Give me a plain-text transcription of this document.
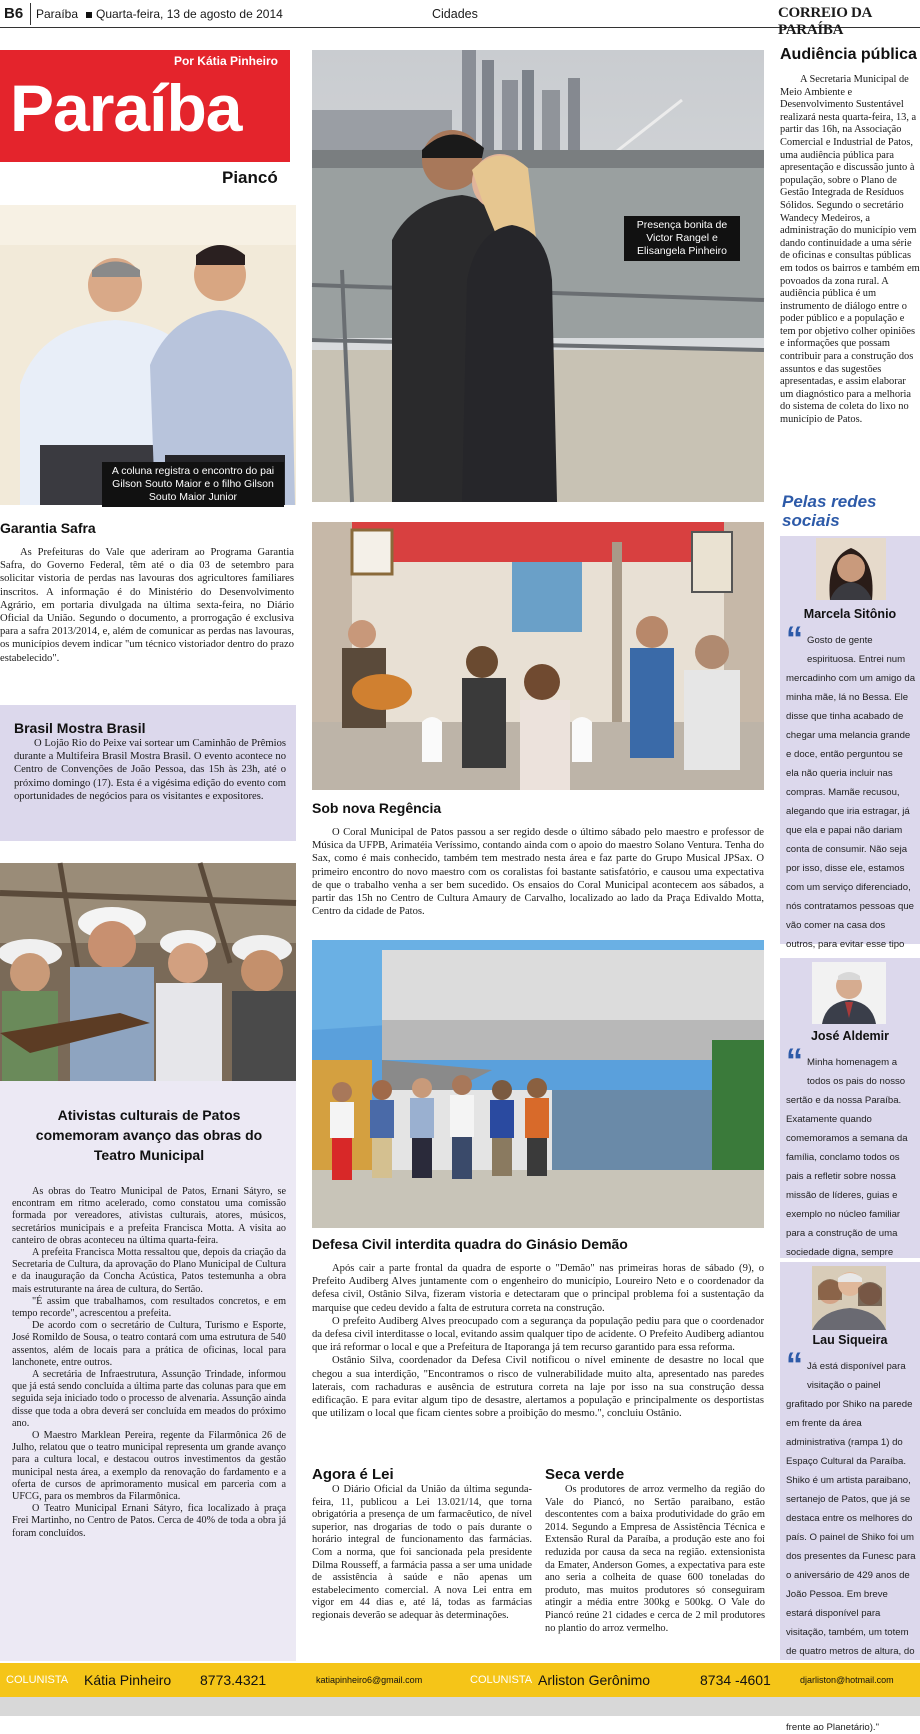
B6 Paraíba Quarta-feira, 13 de agosto de 2014	Cidades	CORREIO DA PARAÍBA
Por Kátia Pinheiro
Paraíba
Piancó
A coluna registra o encontro do pai Gilson Souto Maior e o filho Gilson Souto Maior Junior
Garantia Safra

As Prefeituras do Vale que aderiram ao Programa Garantia Safra, do Governo Federal, têm até o dia 03 de setembro para solicitar vistoria de perdas nas lavouras dos agricultores familiares inscritos. A informação é do Ministério do Desenvolvimento Agrário, em portaria divulgada na última sexta-feira, no Diário Oficial da União. Segundo o documento, a prorrogação é exclusiva para a safra 2013/2014, e, além de comunicar as perdas nas lavouras, os municípios devem indicar "um técnico vistoriador dentro do prazo estabelecido".

Brasil Mostra Brasil

O Lojão Rio do Peixe vai sortear um Caminhão de Prêmios durante a Multifeira Brasil Mostra Brasil. O evento acontece no Centro de Convenções de João Pessoa, das 15h às 23h, até o próximo domingo (17). Esta é a vigésima edição do evento com oportunidades de negócios para os visitantes e expositores.

Ativistas culturais de Patos comemoram avanço das obras do Teatro Municipal

As obras do Teatro Municipal de Patos, Ernani Sátyro, se encontram em ritmo acelerado, como constatou uma comissão formada por vereadores, ativistas culturais, atores, músicos, secretários municipais e a prefeita Francisca Motta. A visita ao canteiro de obras aconteceu na última quarta-feira.

A prefeita Francisca Motta ressaltou que, depois da criação da Secretaria de Cultura, da aprovação do Plano Municipal de Cultura e da inauguração da Concha Acústica, Patos testemunha a obra mais estruturante na área de cultura, do Sertão.

"É assim que trabalhamos, com resultados concretos, e em tempo recorde", acrescentou a prefeita.

De acordo com o secretário de Cultura, Turismo e Esporte, José Romildo de Sousa, o teatro contará com uma estrutura de 540 assentos, além de locais para a prática de oficinas, local para lanchonete, entre outros.

A secretária de Infraestrutura, Assunção Trindade, informou que já está sendo concluída a última parte das colunas para que em seguida seja iniciado todo o processo de alvenaria. Assunção ainda disse que toda a obra deverá ser concluída em meados do próximo ano.

O Maestro Marklean Pereira, regente da Filarmônica 26 de Julho, relatou que o teatro municipal representa um grande avanço para a cultura local, e destacou outros investimentos da gestão municipal nesta área, a exemplo da renovação do fardamento e a oferta de cursos de aprimoramento musical em parceria com a UFCG, para os membros da Filarmônica.

O Teatro Municipal Ernani Sátyro, fica localizado à praça Frei Martinho, no Centro de Patos. Cerca de 40% de toda a obra já foram concluídos.

Presença bonita de Victor Rangel e Elisangela Pinheiro
Sob nova Regência

O Coral Municipal de Patos passou a ser regido desde o último sábado pelo maestro e professor de Música da UFPB, Arimatéia Veríssimo, contando ainda com o apoio do maestro Solano Ventura. Tenha do Sax, como é mais conhecido, também tem mestrado nesta área e faz parte do Grupo Musical JPSax. O primeiro encontro do novo maestro com os coralistas foi bastante satisfatório, e causou uma expectativa de que o trabalho venha a ser bem sucedido. Os ensaios do Coral Municipal acontecem aos sábados, a partir das 15h no Centro de Cultura Amaury de Carvalho, localizado ao lado da Praça Edivaldo Motta, Centro da cidade de Patos.

Defesa Civil interdita quadra do Ginásio Demão

Após cair a parte frontal da quadra de esporte o "Demão" nas primeiras horas de sábado (9), o Prefeito Audiberg Alves juntamente com o engenheiro do município, Loureiro Neto e o coordenador da defesa civil, Ostânio Silva, fizeram vistoria e detectaram que o principal problema foi a sustentação da marquise que cedeu devido a falta de estrutura correta na construção.

O prefeito Audiberg Alves preocupado com a segurança da população pediu para que o coordenador da defesa civil interditasse o local, evitando assim qualquer tipo de acidente. O Prefeito Audiberg adiantou que irá reformar o local e que a Prefeitura de Itaporanga já tem recurso garantido para essa reforma.

Ostânio Silva, coordenador da Defesa Civil notificou o nível eminente de desastre no local que chegou a sua interdição, "Encontramos o risco de vulnerabilidade muito alta, apresentado nas paredes laterais, com rachaduras e ausência de estrutura correta na laje por isso na sua construção dessa edificação. E para evitar algum tipo de desastre, alertamos a população e principalmente os desportistas que utilizam o local que ficam cientes sobre a proibição do mesmo.", concluiu Ostânio.

Agora é Lei

O Diário Oficial da União da última segunda-feira, 11, publicou a Lei 13.021/14, que torna obrigatória a presença de um farmacêutico, de nível superior, nas drogarias de todo o país durante o horário integral de funcionamento das farmácias. Com a norma, que foi sancionada pela presidente Dilma Rousseff, a farmácia passa a ser uma unidade de assistência à saúde e não apenas um estabelecimento comercial. A nova Lei entra em vigor em 44 dias e, até lá, todas as farmácias regionais deverão se adequar às determinações.

Seca verde

Os produtores de arroz vermelho da região do Vale do Piancó, no Sertão paraibano, estão descontentes com a baixa produtividade do grão em 2014. Segundo a Empresa de Assistência Técnica e Extensão Rural da Paraíba, a produção este ano foi reduzida por causa da seca na região. extensionista da Emater, Anderson Gomes, a expectativa para este ano seria a colheita de quase 600 toneladas do produto, mas muitos produtores só conseguiram atingir a média entre 300kg e 500kg. O Vale do Piancó reúne 21 cidades e cerca de 2 mil produtores no plantio do arroz vermelho.

Audiência pública

A Secretaria Municipal de Meio Ambiente e Desenvolvimento Sustentável realizará nesta quarta-feira, 13, a partir das 16h, na Associação Comercial e Industrial de Patos, uma audiência pública para apresentação e discussão junto à população, sobre o Plano de Gestão Integrada de Resíduos Sólidos. Segundo o secretário Wandecy Medeiros, a administração do município vem dando continuidade a uma série de oficinas e consultas públicas em todos os bairros e também em povoados da zona rural. A audiência pública é um instrumento de diálogo entre o poder público e a população e tem por objetivo colher opiniões e informações que possam contribuir para a construção dos assuntos e das sugestões apresentadas, e assim elaborar um diagnóstico para a melhoria do sistema de coleta do lixo no município de Patos.

Pelas redes sociais
Marcela Sitônio
“ Gosto de gente espirituosa. Entrei num mercadinho com um amigo da minha mãe, lá no Bessa. Ele disse que tinha acabado de chegar uma melancia grande e doce, então perguntou se ela não queria incluir nas compras. Mamãe recusou, alegando que iria estragar, já que ela e papai não dariam conta de consumir. Não seja por isso, disse ele, estamos com um serviço diferenciado, nós contratamos pessoas que vão comer na casa dos outros, para evitar esse tipo
José Aldemir
“ Minha homenagem a todos os pais do nosso sertão e da nossa Paraíba. Exatamente quando comemoramos a semana da família, conclamo todos os pais a refletir sobre nossa missão de líderes, guias e exemplo no núcleo familiar para a construção de uma sociedade digna, sempre
Lau Siqueira
“ Já está disponível para visitação o painel grafitado por Shiko na parede em frente da área administrativa (rampa 1) do Espaço Cultural da Paraíba. Shiko é um artista paraibano, sertanejo de Patos, que já se destaca entre os melhores do país. O painel de Shiko foi um dos presentes da Funesc para o aniversário de 429 anos de João Pessoa. Em breve estará disponível para visitação, também, um totem de quatro metros de altura, do frente ao Planetário)."
COLUNISTA Kátia Pinheiro 8773.4321	katiapinheiro6@gmail.com	COLUNISTA Arliston Gerônimo	8734 -4601	djarliston@hotmail.com
